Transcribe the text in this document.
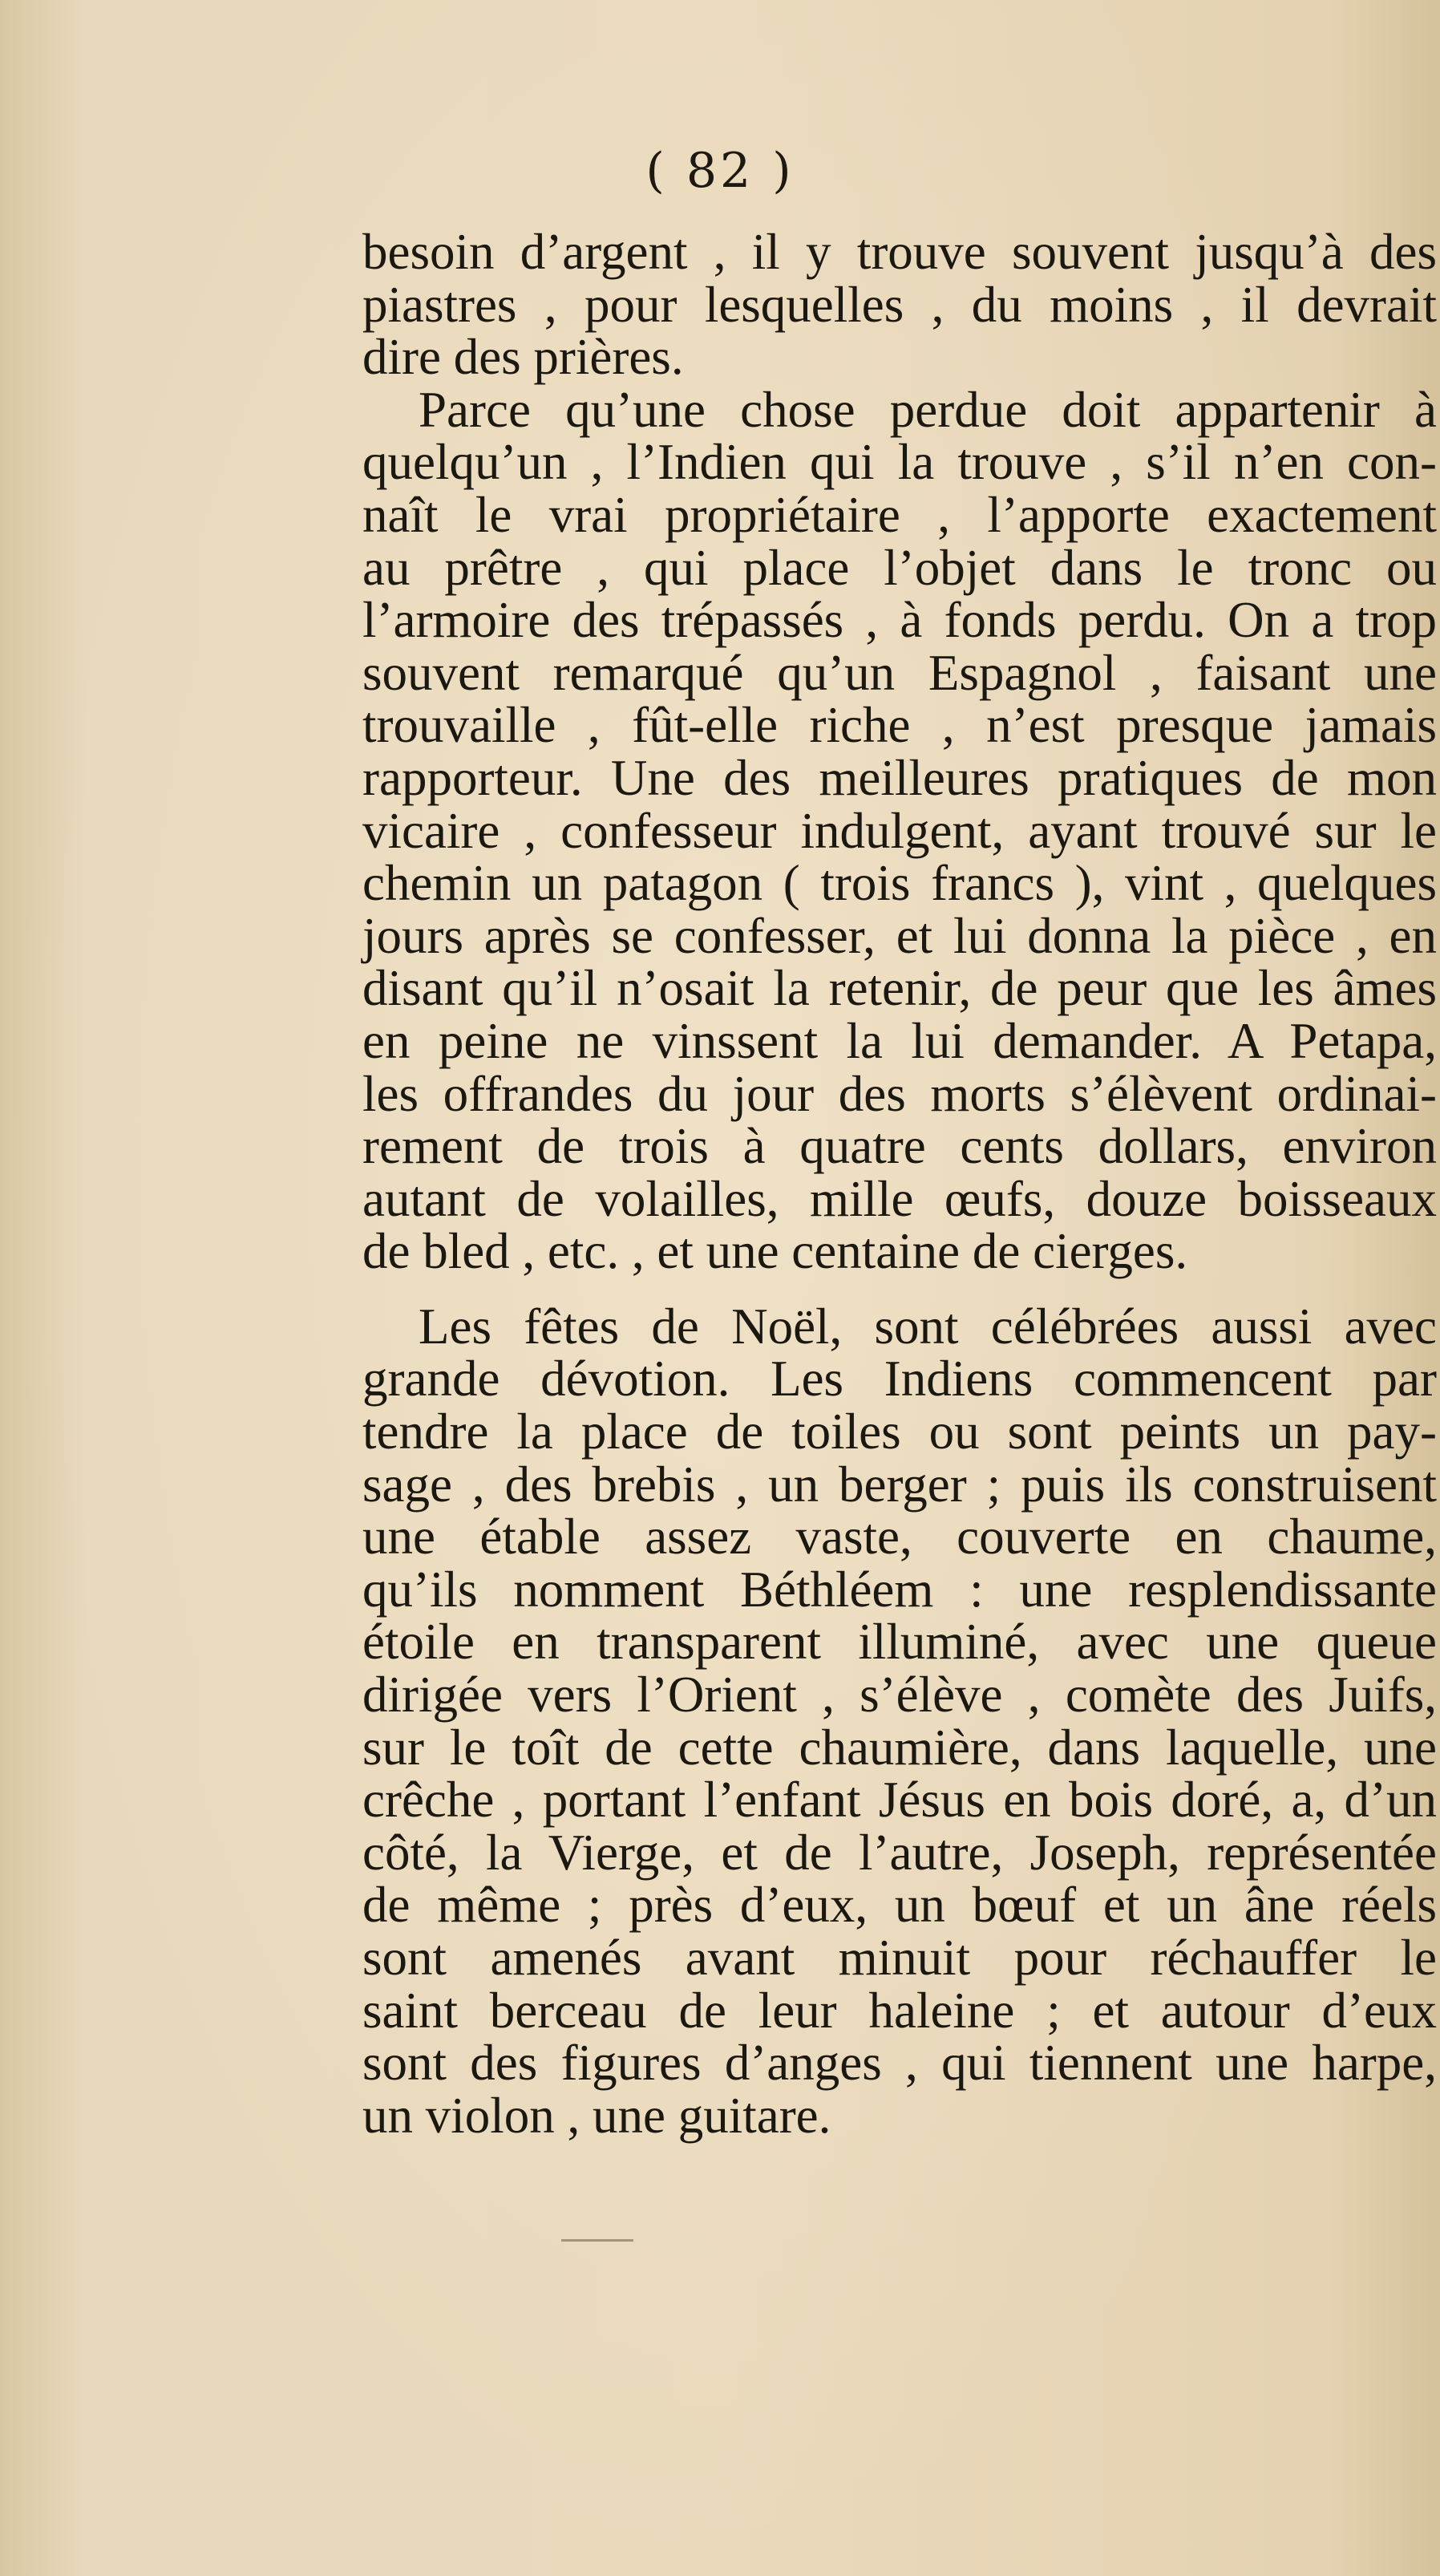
( 82 )
besoin d’argent , il y trouve souvent jusqu’à des
piastres , pour lesquelles , du moins , il devrait
dire des prières.
Parce qu’une chose perdue doit appartenir à
quelqu’un , l’Indien qui la trouve , s’il n’en con-
naît le vrai propriétaire , l’apporte exactement
au prêtre , qui place l’objet dans le tronc ou
l’armoire des trépassés , à fonds perdu. On a trop
souvent remarqué qu’un Espagnol , faisant une
trouvaille , fût-elle riche , n’est presque jamais
rapporteur. Une des meilleures pratiques de mon
vicaire , confesseur indulgent, ayant trouvé sur le
chemin un patagon ( trois francs ), vint , quelques
jours après se confesser, et lui donna la pièce , en
disant qu’il n’osait la retenir, de peur que les âmes
en peine ne vinssent la lui demander. A Petapa,
les offrandes du jour des morts s’élèvent ordinai-
rement de trois à quatre cents dollars, environ
autant de volailles, mille œufs, douze boisseaux
de bled , etc. , et une centaine de cierges.
Les fêtes de Noël, sont célébrées aussi avec
grande dévotion. Les Indiens commencent par
tendre la place de toiles ou sont peints un pay-
sage , des brebis , un berger ; puis ils construisent
une étable assez vaste, couverte en chaume,
qu’ils nomment Béthléem : une resplendissante
étoile en transparent illuminé, avec une queue
dirigée vers l’Orient , s’élève , comète des Juifs,
sur le toît de cette chaumière, dans laquelle, une
crêche , portant l’enfant Jésus en bois doré, a, d’un
côté, la Vierge, et de l’autre, Joseph, représentée
de même ; près d’eux, un bœuf et un âne réels
sont amenés avant minuit pour réchauffer le
saint berceau de leur haleine ; et autour d’eux
sont des figures d’anges , qui tiennent une harpe,
un violon , une guitare.
